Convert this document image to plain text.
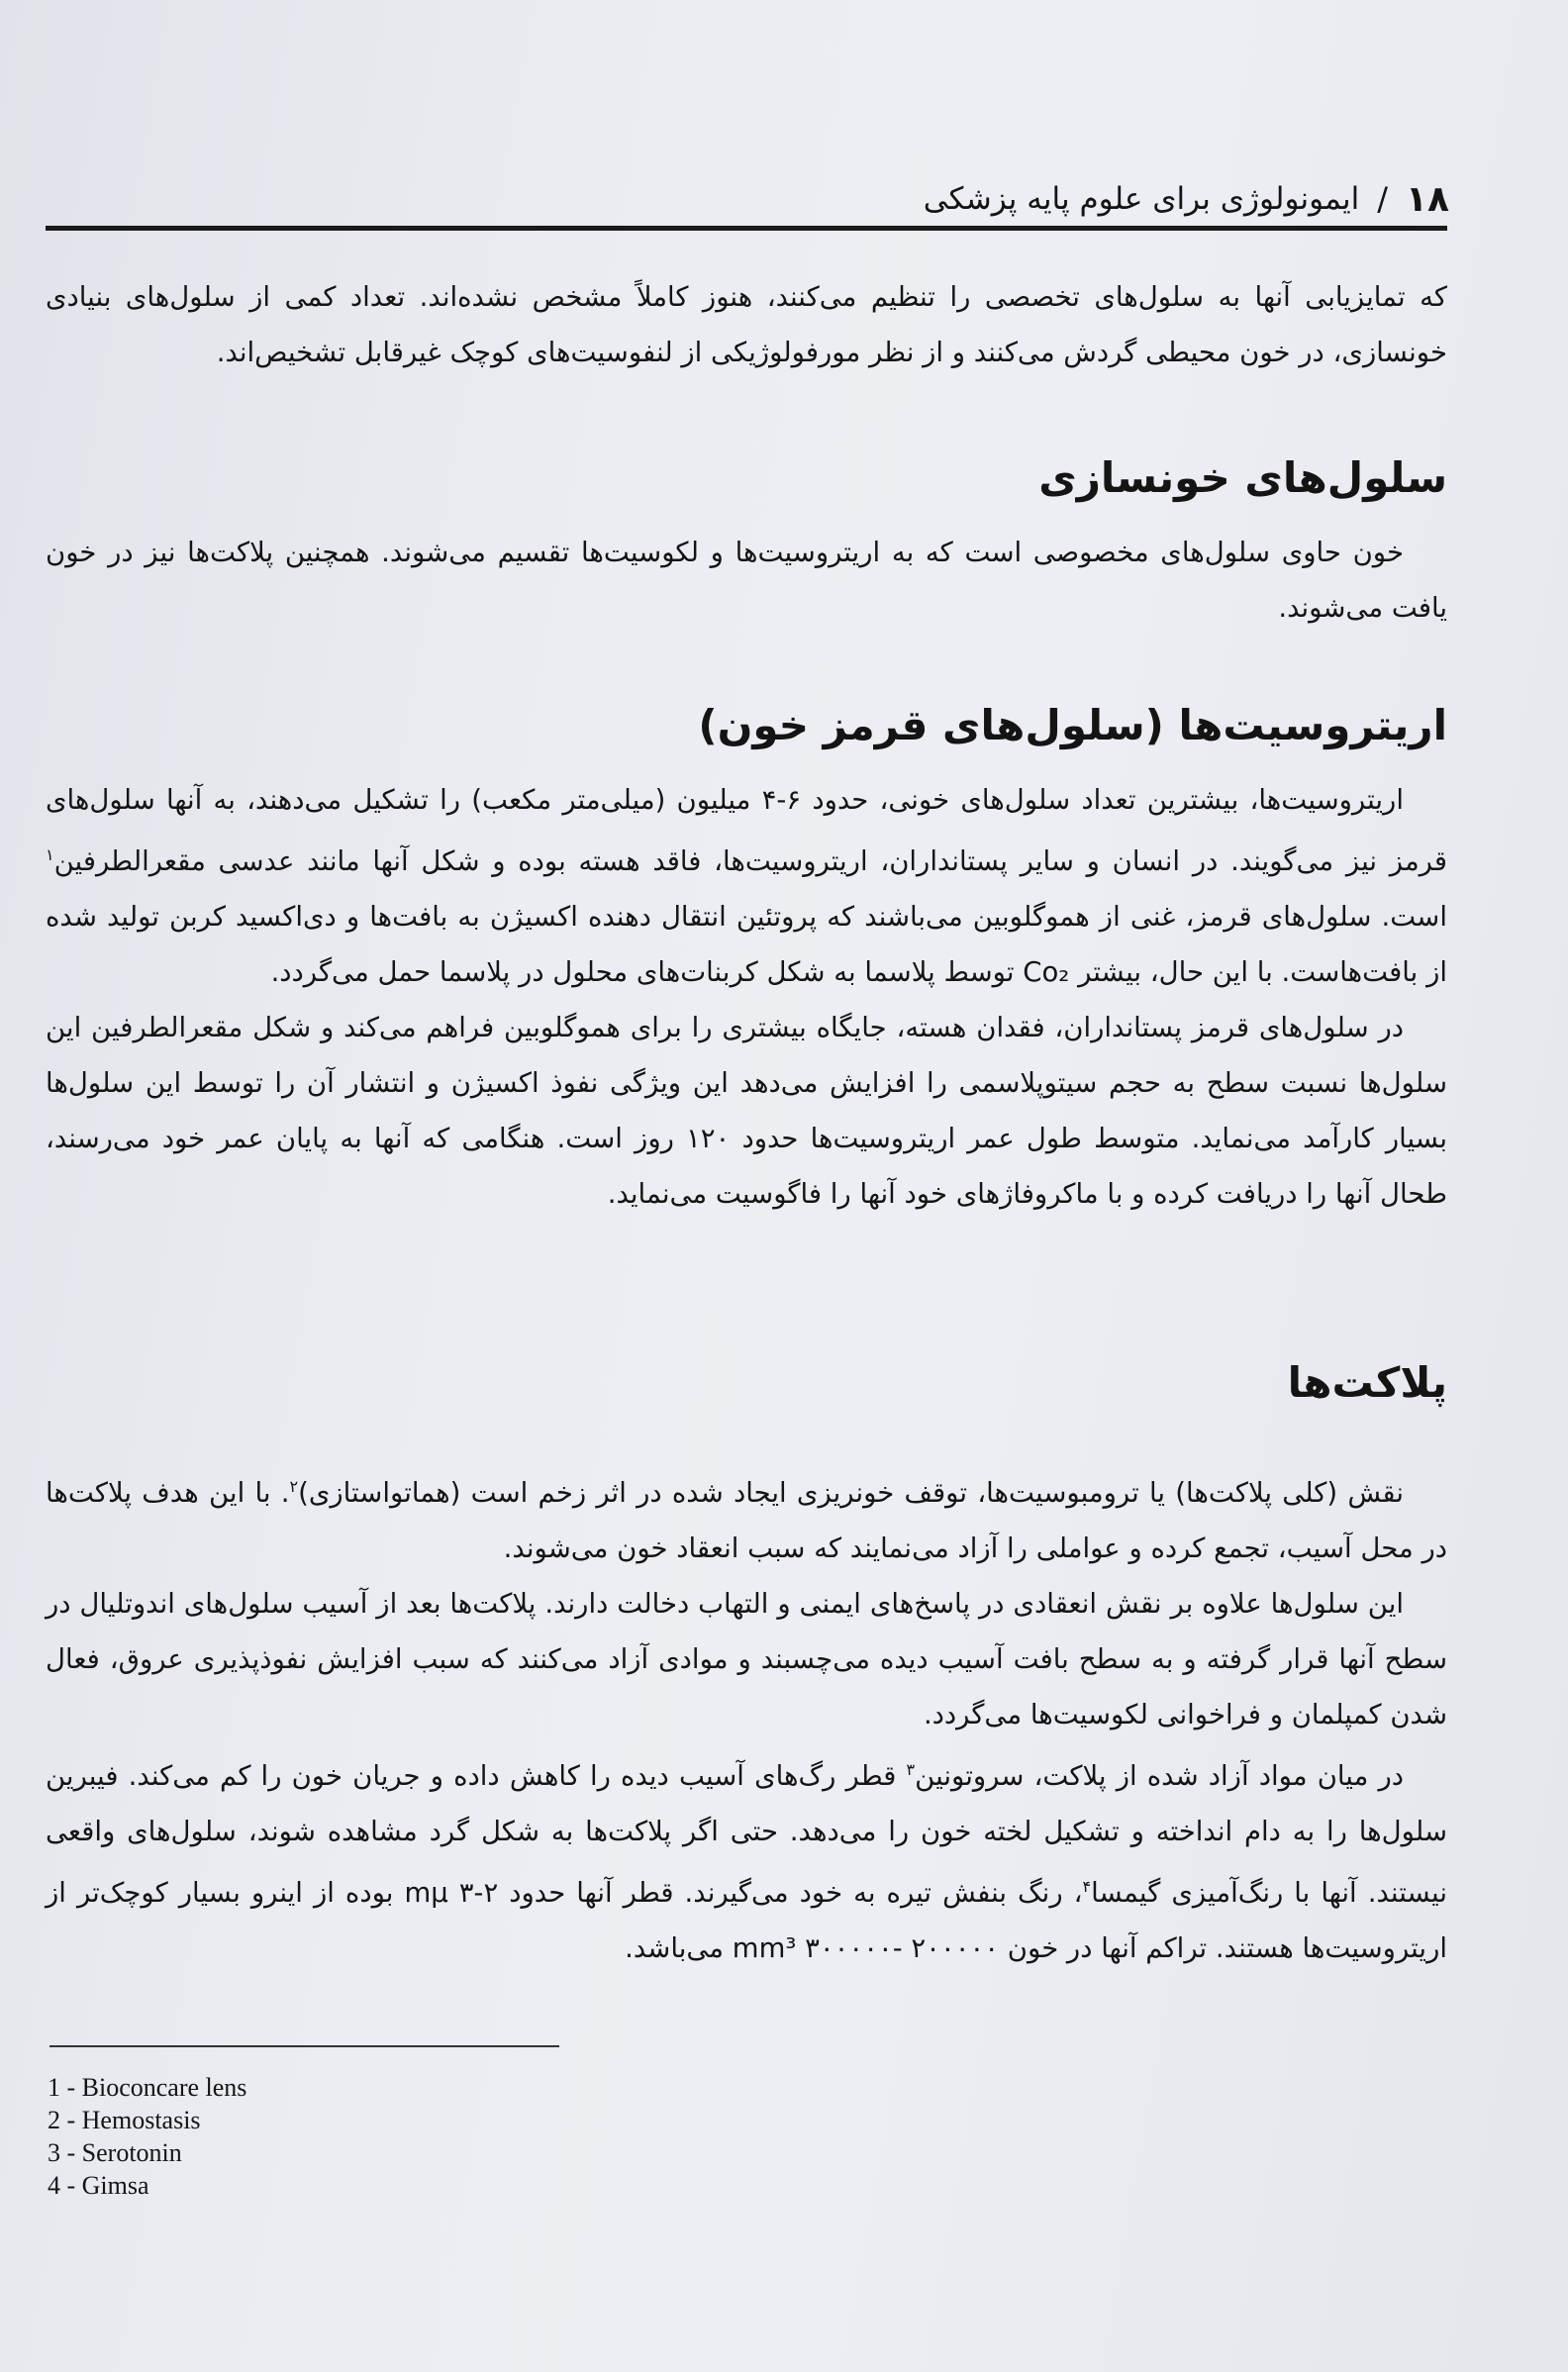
۱۸
/
ایمونولوژی برای علوم پایه پزشکی

که تمایزیابی آنها به سلول‌های تخصصی را تنظیم می‌کنند، هنوز کاملاً مشخص نشده‌اند. تعداد کمی از سلول‌های بنیادی خونسازی، در خون محیطی گردش می‌کنند و از نظر مورفولوژیکی از لنفوسیت‌های کوچک غیرقابل تشخیص‌اند.

سلول‌های خونسازی

خون حاوی سلول‌های مخصوصی است که به اریتروسیت‌ها و لکوسیت‌ها تقسیم می‌شوند. همچنین پلاکت‌ها نیز در خون یافت می‌شوند.

اریتروسیت‌ها (سلول‌های قرمز خون)

اریتروسیت‌ها، بیشترین تعداد سلول‌های خونی، حدود ۶-۴ میلیون (میلی‌متر مکعب) را تشکیل می‌دهند، به آنها سلول‌های قرمز نیز می‌گویند. در انسان و سایر پستانداران، اریتروسیت‌ها، فاقد هسته بوده و شکل آنها مانند عدسی مقعرالطرفین$^۱$ است. سلول‌های قرمز، غنی از هموگلوبین می‌باشند که پروتئین انتقال دهنده اکسیژن به بافت‌ها و دی‌اکسید کربن تولید شده از بافت‌هاست. با این حال، بیشتر Co₂ توسط پلاسما به شکل کربنات‌های محلول در پلاسما حمل می‌گردد.

در سلول‌های قرمز پستانداران، فقدان هسته، جایگاه بیشتری را برای هموگلوبین فراهم می‌کند و شکل مقعرالطرفین این سلول‌ها نسبت سطح به حجم سیتوپلاسمی را افزایش می‌دهد این ویژگی نفوذ اکسیژن و انتشار آن را توسط این سلول‌ها بسیار کارآمد می‌نماید. متوسط طول عمر اریتروسیت‌ها حدود ۱۲۰ روز است. هنگامی که آنها به پایان عمر خود می‌رسند، طحال آنها را دریافت کرده و با ماکروفاژهای خود آنها را فاگوسیت می‌نماید.

پلاکت‌ها

نقش (کلی پلاکت‌ها) یا ترومبوسیت‌ها، توقف خونریزی ایجاد شده در اثر زخم است (هماتواستازی)$^۲$. با این هدف پلاکت‌ها در محل آسیب، تجمع کرده و عواملی را آزاد می‌نمایند که سبب انعقاد خون می‌شوند.

این سلول‌ها علاوه بر نقش انعقادی در پاسخ‌های ایمنی و التهاب دخالت دارند. پلاکت‌ها بعد از آسیب سلول‌های اندوتلیال در سطح آنها قرار گرفته و به سطح بافت آسیب دیده می‌چسبند و مواد‌ی آزاد می‌کنند که سبب افزایش نفوذپذیری عروق، فعال شدن کمپلمان و فراخوانی لکوسیت‌ها می‌گردد.

در میان مواد آزاد شده از پلاکت، سروتونین$^۳$ قطر رگ‌های آسیب دیده را کاهش داده و جریان خون را کم می‌کند. فیبرین سلول‌ها را به دام انداخته و تشکیل لخته خون را می‌دهد. حتی اگر پلاکت‌ها به شکل گرد مشاهده شوند، سلول‌های واقعی نیستند. آنها با رنگ‌آمیزی گیمسا$^۴$، رنگ بنفش تیره به خود می‌گیرند. قطر آنها حدود mμ ۳-۲ بوده از اینرو بسیار کوچک‌تر از اریتروسیت‌ها هستند. تراکم آنها در خون mm³ ۳۰۰۰۰۰- ۲۰۰۰۰۰ می‌باشد.

1 - Bioconcare lens
2 - Hemostasis
3 - Serotonin
4 - Gimsa
